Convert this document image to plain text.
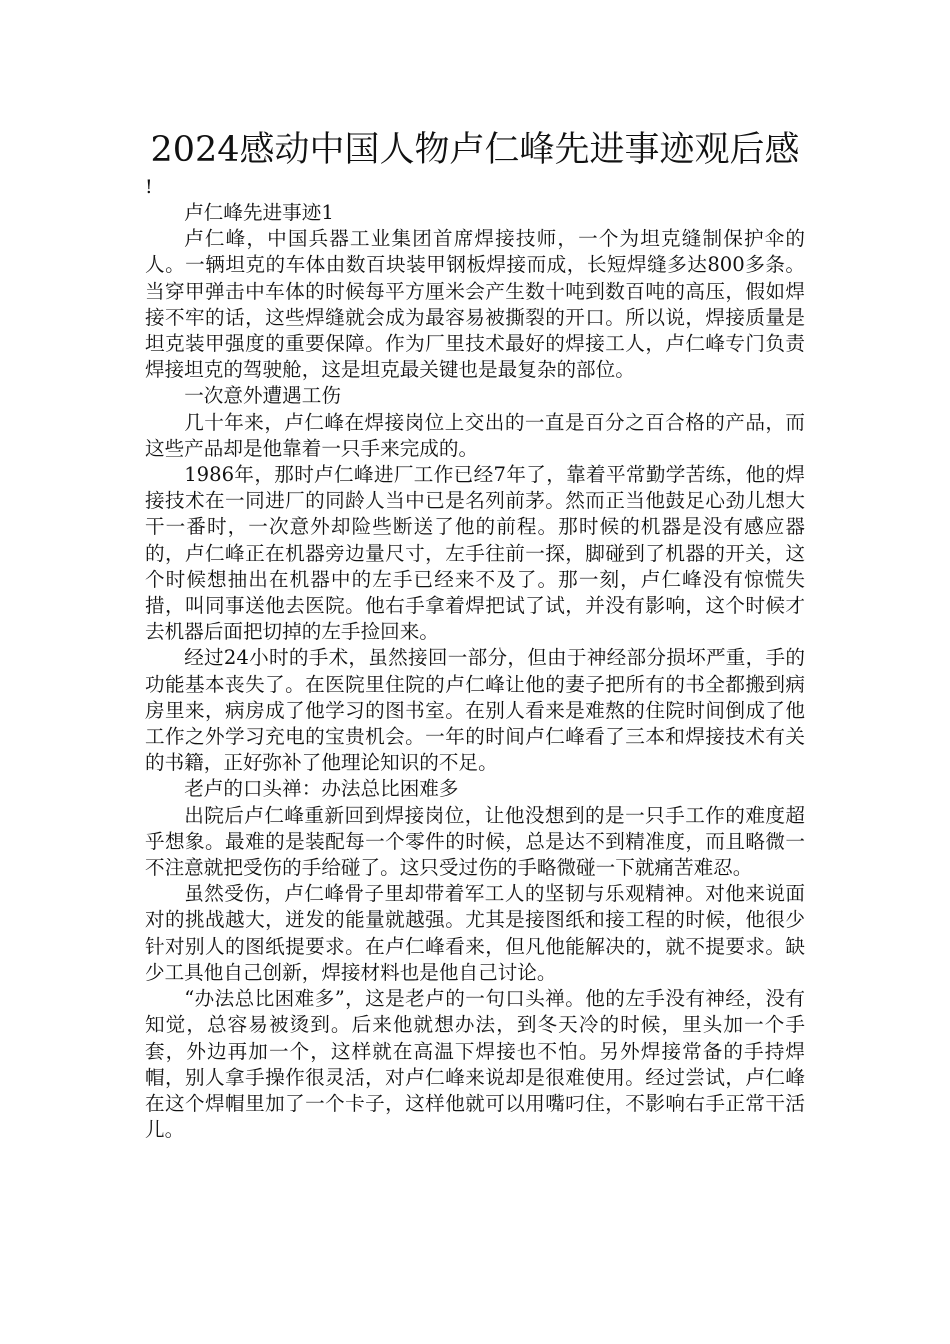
2024感动中国人物卢仁峰先进事迹观后感
!

卢仁峰先进事迹1

卢仁峰，中国兵器工业集团首席焊接技师，一个为坦克缝制保护伞的人。一辆坦克的车体由数百块装甲钢板焊接而成，长短焊缝多达800多条。当穿甲弹击中车体的时候每平方厘米会产生数十吨到数百吨的高压，假如焊接不牢的话，这些焊缝就会成为最容易被撕裂的开口。所以说，焊接质量是坦克装甲强度的重要保障。作为厂里技术最好的焊接工人，卢仁峰专门负责焊接坦克的驾驶舱，这是坦克最关键也是最复杂的部位。

一次意外遭遇工伤

几十年来，卢仁峰在焊接岗位上交出的一直是百分之百合格的产品，而这些产品却是他靠着一只手来完成的。

1986年，那时卢仁峰进厂工作已经7年了，靠着平常勤学苦练，他的焊接技术在一同进厂的同龄人当中已是名列前茅。然而正当他鼓足心劲儿想大干一番时，一次意外却险些断送了他的前程。那时候的机器是没有感应器的，卢仁峰正在机器旁边量尺寸，左手往前一探，脚碰到了机器的开关，这个时候想抽出在机器中的左手已经来不及了。那一刻，卢仁峰没有惊慌失措，叫同事送他去医院。他右手拿着焊把试了试，并没有影响，这个时候才去机器后面把切掉的左手捡回来。

经过24小时的手术，虽然接回一部分，但由于神经部分损坏严重，手的功能基本丧失了。在医院里住院的卢仁峰让他的妻子把所有的书全都搬到病房里来，病房成了他学习的图书室。在别人看来是难熬的住院时间倒成了他工作之外学习充电的宝贵机会。一年的时间卢仁峰看了三本和焊接技术有关的书籍，正好弥补了他理论知识的不足。

老卢的口头禅：办法总比困难多

出院后卢仁峰重新回到焊接岗位，让他没想到的是一只手工作的难度超乎想象。最难的是装配每一个零件的时候，总是达不到精准度，而且略微一不注意就把受伤的手给碰了。这只受过伤的手略微碰一下就痛苦难忍。

虽然受伤，卢仁峰骨子里却带着军工人的坚韧与乐观精神。对他来说面对的挑战越大，迸发的能量就越强。尤其是接图纸和接工程的时候，他很少针对别人的图纸提要求。在卢仁峰看来，但凡他能解决的，就不提要求。缺少工具他自己创新，焊接材料也是他自己讨论。

“办法总比困难多”，这是老卢的一句口头禅。他的左手没有神经，没有知觉，总容易被烫到。后来他就想办法，到冬天冷的时候，里头加一个手套，外边再加一个，这样就在高温下焊接也不怕。另外焊接常备的手持焊帽，别人拿手操作很灵活，对卢仁峰来说却是很难使用。经过尝试，卢仁峰在这个焊帽里加了一个卡子，这样他就可以用嘴叼住，不影响右手正常干活儿。
